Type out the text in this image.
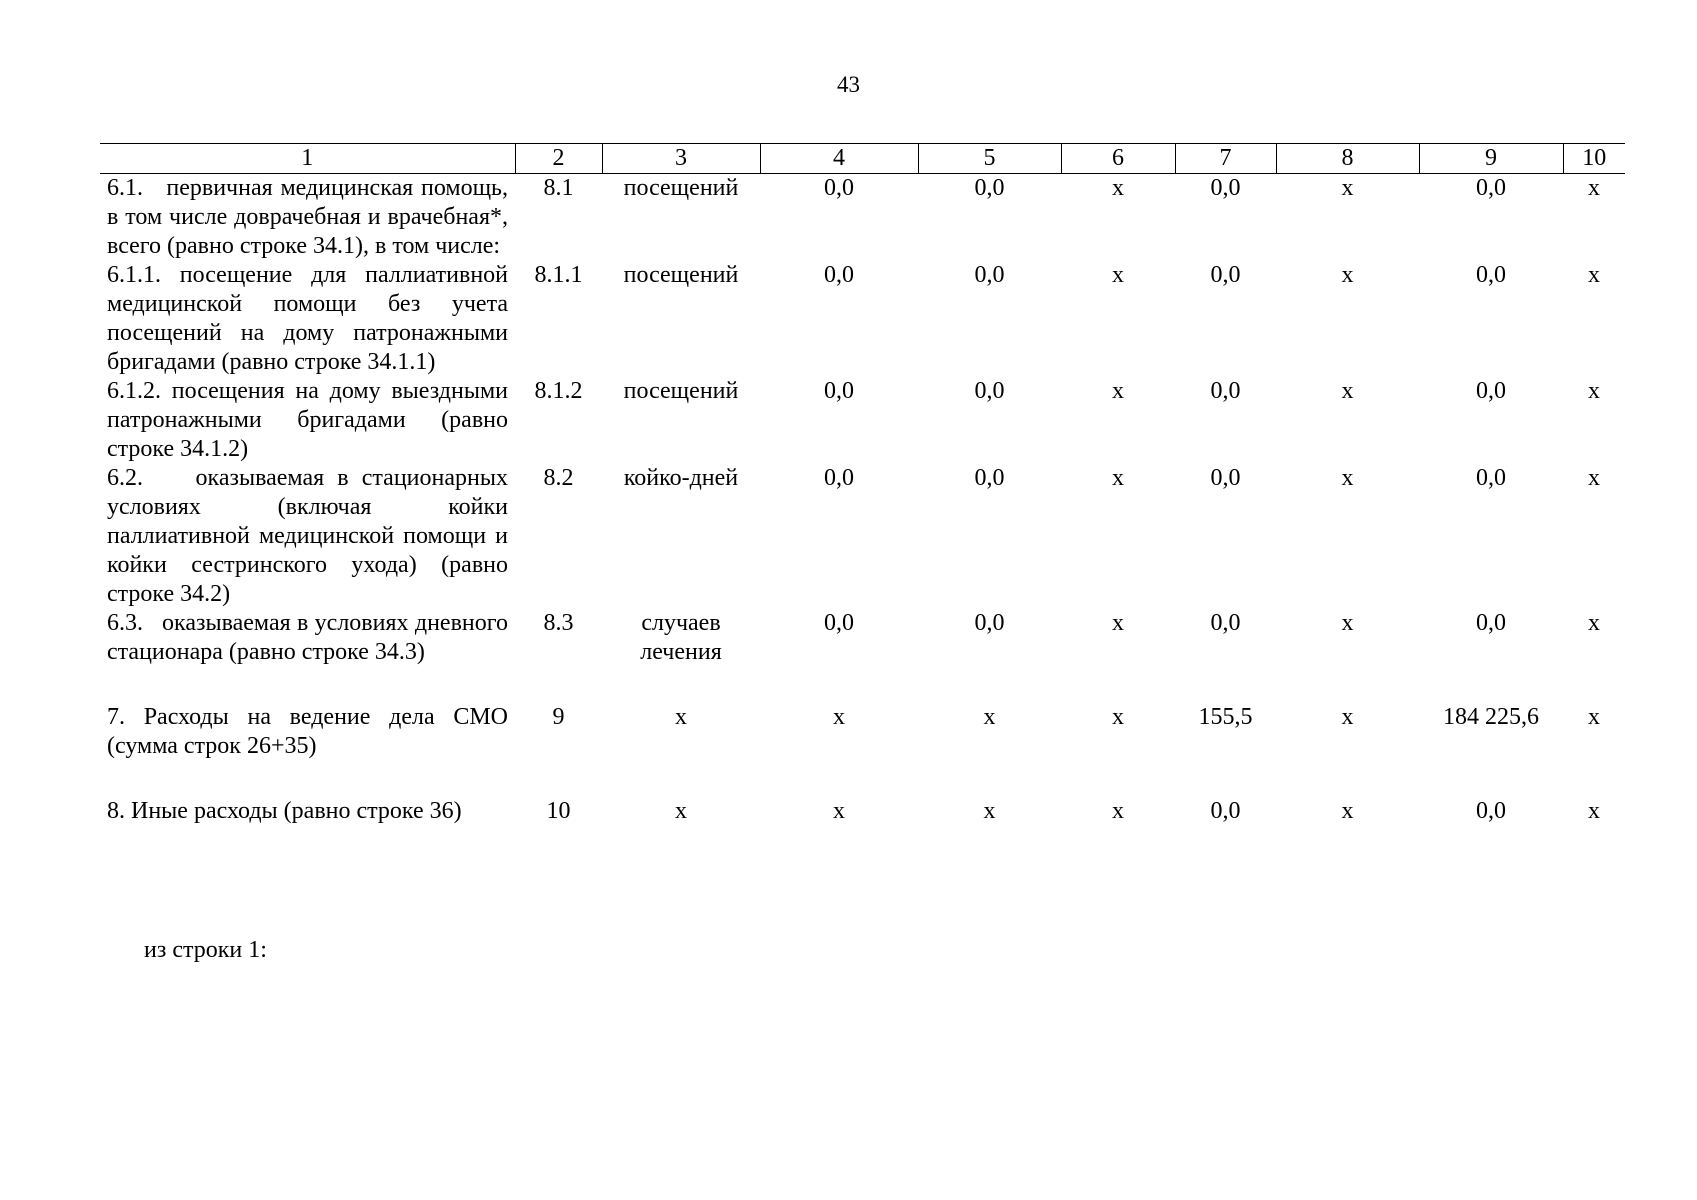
43
1	2	3	4	5	6	7	8	9	10
6.1.   первичная медицинская помощь, в том числе доврачебная и врачебная*, всего (равно строке 34.1), в том числе:	8.1	посещений	0,0	0,0	х	0,0	х	0,0	х
6.1.1. посещение для паллиативной медицинской помощи без учета посещений на дому патронажными бригадами (равно строке 34.1.1)	8.1.1	посещений	0,0	0,0	х	0,0	х	0,0	х
6.1.2. посещения на дому выездными патронажными бригадами (равно строке 34.1.2)	8.1.2	посещений	0,0	0,0	х	0,0	х	0,0	х
6.2.    оказываемая в стационарных условиях (включая койки паллиативной медицинской помощи и койки сестринского ухода) (равно строке 34.2)	8.2	койко-дней	0,0	0,0	х	0,0	х	0,0	х
6.3.   оказываемая в условиях дневного стационара (равно строке 34.3)	8.3	случаев лечения	0,0	0,0	х	0,0	х	0,0	х
7. Расходы на ведение дела СМО (сумма строк 26+35)	9	х	х	х	х	155,5	х	184 225,6	х
8. Иные расходы (равно строке 36)	10	х	х	х	х	0,0	х	0,0	х
из строки 1:
